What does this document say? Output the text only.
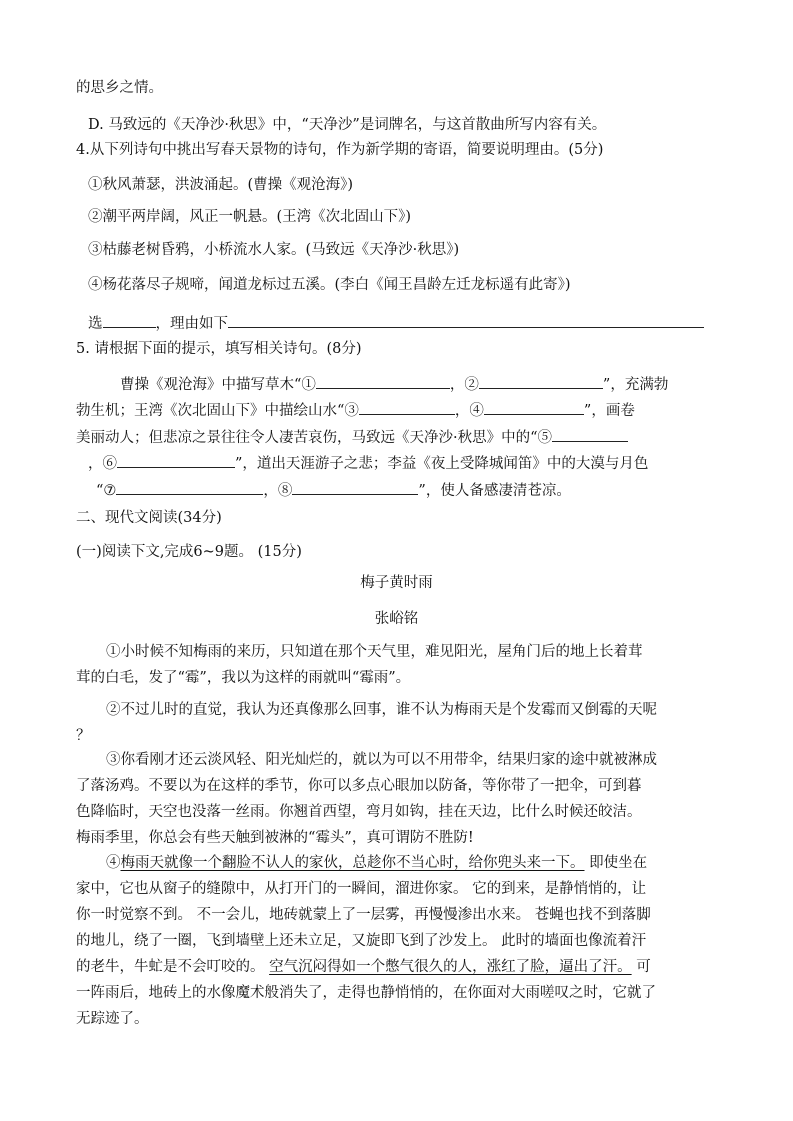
的思乡之情。
D. 马致远的《天净沙·秋思》中，“天净沙”是词牌名，与这首散曲所写内容有关。
4.从下列诗句中挑出写春天景物的诗句，作为新学期的寄语，简要说明理由。(5分)
①秋风萧瑟，洪波涌起。(曹操《观沧海》)
②潮平两岸阔，风正一帆悬。(王湾《次北固山下》)
③枯藤老树昏鸦，小桥流水人家。(马致远《天净沙·秋思》)
④杨花落尽子规啼，闻道龙标过五溪。(李白《闻王昌龄左迁龙标遥有此寄》)
选	，理由如下
5. 请根据下面的提示，填写相关诗句。(8分)
曹操《观沧海》中描写草木“①	，②	”，充满勃
勃生机；王湾《次北固山下》中描绘山水“③	，④	”，画卷
美丽动人；但悲凉之景往往令人凄苦哀伤，马致远《天净沙·秋思》中的“⑤
，⑥	”，道出天涯游子之悲；李益《夜上受降城闻笛》中的大漠与月色
“⑦	，⑧	”，使人备感凄清苍凉。
二、现代文阅读(34分)
(一)阅读下文,完成6~9题。 (15分)
梅子黄时雨
张峪铭
①小时候不知梅雨的来历，只知道在那个天气里，难见阳光，屋角门后的地上长着茸
茸的白毛，发了“霉”，我以为这样的雨就叫“霉雨”。
②不过儿时的直觉，我认为还真像那么回事，谁不认为梅雨天是个发霉而又倒霉的天呢
？
③你看刚才还云淡风轻、阳光灿烂的，就以为可以不用带伞，结果归家的途中就被淋成
了落汤鸡。不要以为在这样的季节，你可以多点心眼加以防备，等你带了一把伞，可到暮
色降临时，天空也没落一丝雨。你翘首西望，弯月如钩，挂在天边，比什么时候还皎洁。
梅雨季里，你总会有些天触到被淋的“霉头”，真可谓防不胜防!
④梅雨天就像一个翻脸不认人的家伙，总趁你不当心时，给你兜头来一下。 即使坐在
家中，它也从窗子的缝隙中，从打开门的一瞬间，溜进你家。 它的到来，是静悄悄的，让
你一时觉察不到。 不一会儿，地砖就蒙上了一层雾，再慢慢渗出水来。 苍蝇也找不到落脚
的地儿，绕了一圈，飞到墙壁上还未立足，又旋即飞到了沙发上。 此时的墙面也像流着汗
的老牛，牛虻是不会叮咬的。 空气沉闷得如一个憋气很久的人，涨红了脸，逼出了汗。 可
一阵雨后，地砖上的水像魔术般消失了，走得也静悄悄的，在你面对大雨嗟叹之时，它就了
无踪迹了。
